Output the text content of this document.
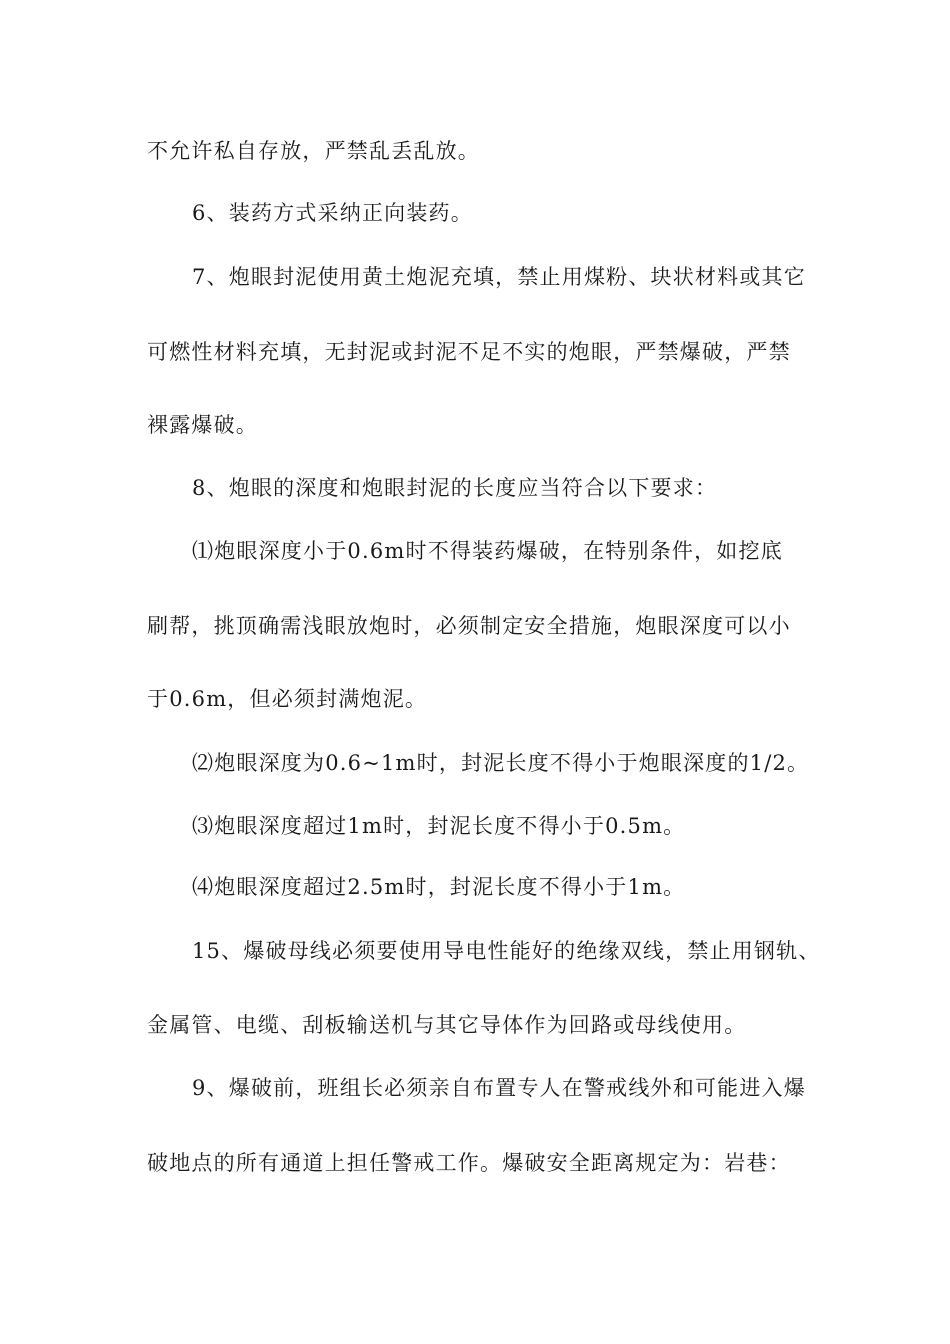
不允许私自存放，严禁乱丢乱放。
6、装药方式采纳正向装药。
7、炮眼封泥使用黄土炮泥充填，禁止用煤粉、块状材料或其它
可燃性材料充填，无封泥或封泥不足不实的炮眼，严禁爆破，严禁
裸露爆破。
8、炮眼的深度和炮眼封泥的长度应当符合以下要求：
⑴炮眼深度小于0.6m时不得装药爆破，在特别条件，如挖底
刷帮，挑顶确需浅眼放炮时，必须制定安全措施，炮眼深度可以小
于0.6m，但必须封满炮泥。
⑵炮眼深度为0.6~1m时，封泥长度不得小于炮眼深度的1/2。
⑶炮眼深度超过1m时，封泥长度不得小于0.5m。
⑷炮眼深度超过2.5m时，封泥长度不得小于1m。
15、爆破母线必须要使用导电性能好的绝缘双线，禁止用钢轨、
金属管、电缆、刮板输送机与其它导体作为回路或母线使用。
9、爆破前，班组长必须亲自布置专人在警戒线外和可能进入爆
破地点的所有通道上担任警戒工作。爆破安全距离规定为：岩巷：
